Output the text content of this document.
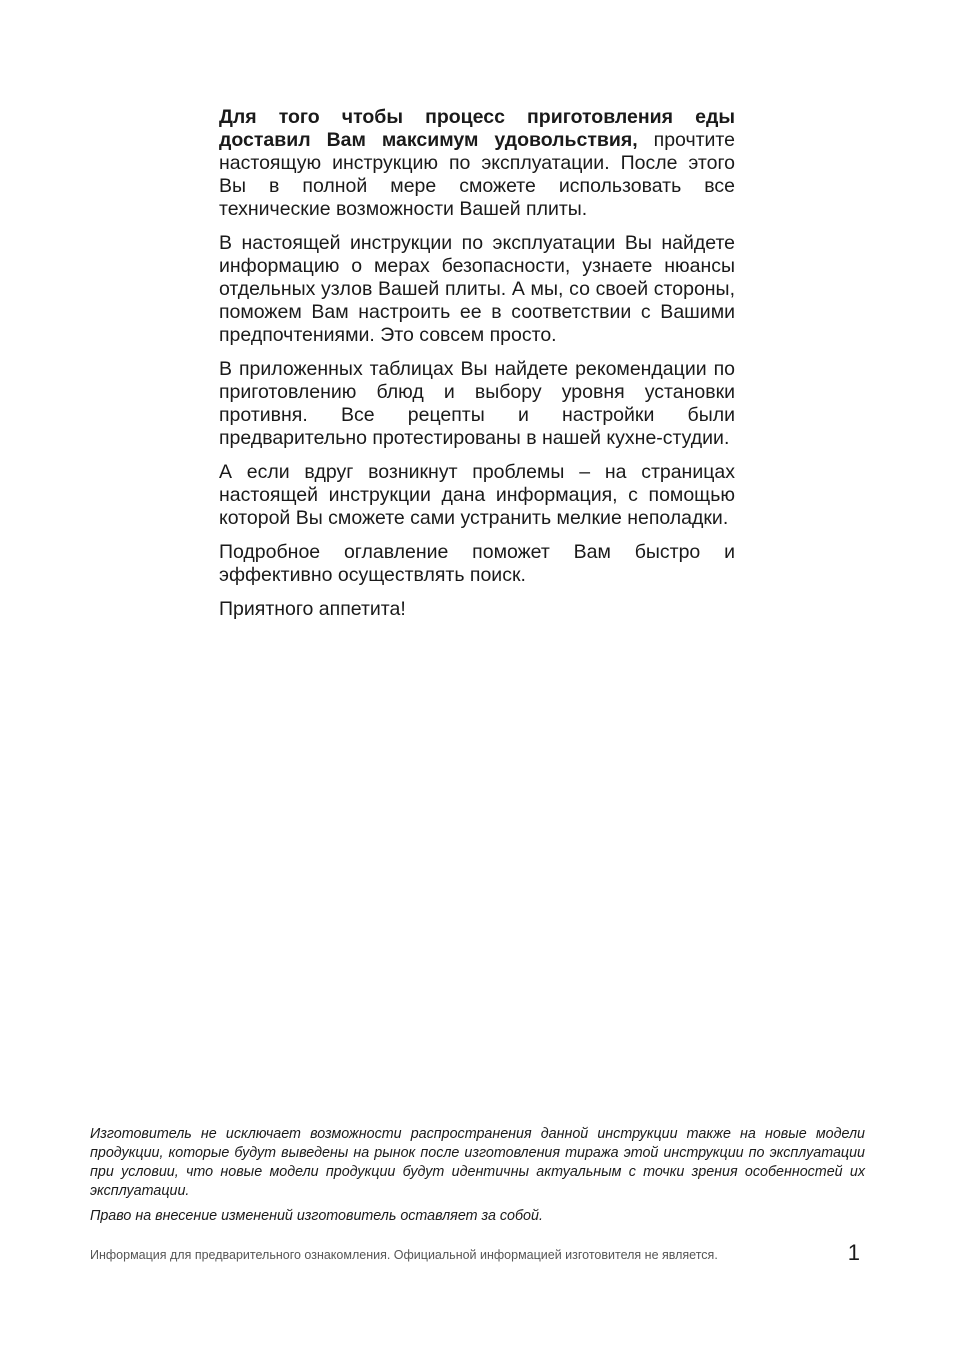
Для того чтобы процесс приготовления еды доставил Вам максимум удовольствия, прочтите настоящую инструкцию по эксплуатации. После этого Вы в полной мере сможете использовать все технические возможности Вашей плиты.

В настоящей инструкции по эксплуатации Вы найдете информацию о мерах безопасности, узнаете нюансы отдельных узлов Вашей плиты. А мы, со своей стороны, поможем Вам настроить ее в соответствии с Вашими предпочтениями. Это совсем просто.

В приложенных таблицах Вы найдете рекомендации по приготовлению блюд и выбору уровня установки противня. Все рецепты и настройки были предварительно протестированы в нашей кухне-студии.

А если вдруг возникнут проблемы – на страницах настоящей инструкции дана информация, с помощью которой Вы сможете сами устранить мелкие неполадки.

Подробное оглавление поможет Вам быстро и эффективно осуществлять поиск.

Приятного аппетита!

Изготовитель не исключает возможности распространения данной инструкции также на новые модели продукции, которые будут выведены на рынок после изготовления тиража этой инструкции по эксплуатации при условии, что новые модели продукции будут идентичны актуальным с точки зрения особенностей их эксплуатации.

Право на внесение изменений изготовитель оставляет за собой.

Информация для предварительного ознакомления. Официальной информацией изготовителя не является.	1
